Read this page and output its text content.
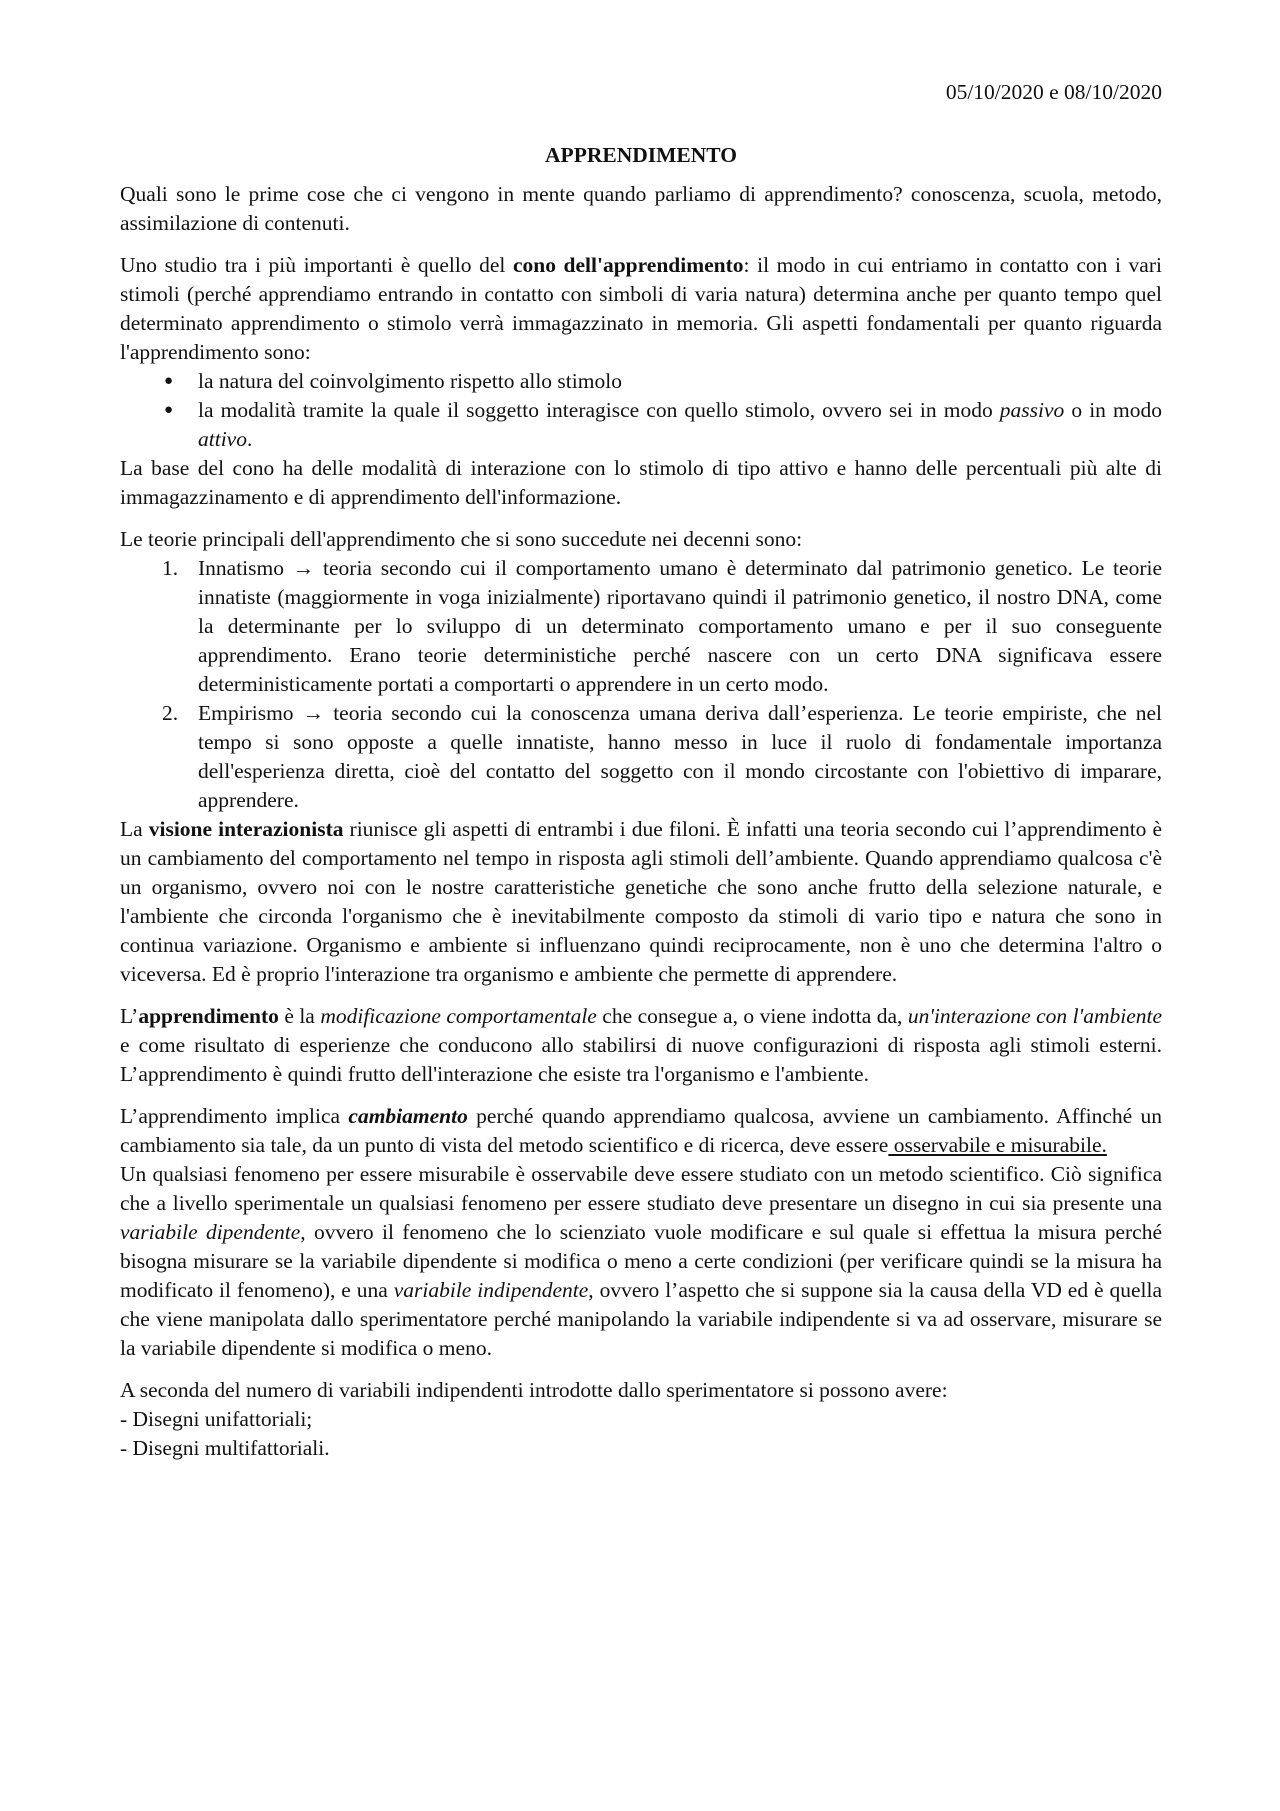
05/10/2020 e 08/10/2020
APPRENDIMENTO

Quali sono le prime cose che ci vengono in mente quando parliamo di apprendimento? conoscenza, scuola, metodo, assimilazione di contenuti.

Uno studio tra i più importanti è quello del cono dell'apprendimento: il modo in cui entriamo in contatto con i vari stimoli (perché apprendiamo entrando in contatto con simboli di varia natura) determina anche per quanto tempo quel determinato apprendimento o stimolo verrà immagazzinato in memoria. Gli aspetti fondamentali per quanto riguarda l'apprendimento sono:

● la natura del coinvolgimento rispetto allo stimolo
● la modalità tramite la quale il soggetto interagisce con quello stimolo, ovvero sei in modo passivo o in modo attivo.

La base del cono ha delle modalità di interazione con lo stimolo di tipo attivo e hanno delle percentuali più alte di immagazzinamento e di apprendimento dell'informazione.

Le teorie principali dell'apprendimento che si sono succedute nei decenni sono:

1. Innatismo → teoria secondo cui il comportamento umano è determinato dal patrimonio genetico. Le teorie innatiste (maggiormente in voga inizialmente) riportavano quindi il patrimonio genetico, il nostro DNA, come la determinante per lo sviluppo di un determinato comportamento umano e per il suo conseguente apprendimento. Erano teorie deterministiche perché nascere con un certo DNA significava essere deterministicamente portati a comportarti o apprendere in un certo modo.
2. Empirismo → teoria secondo cui la conoscenza umana deriva dall’esperienza. Le teorie empiriste, che nel tempo si sono opposte a quelle innatiste, hanno messo in luce il ruolo di fondamentale importanza dell'esperienza diretta, cioè del contatto del soggetto con il mondo circostante con l'obiettivo di imparare, apprendere.

La visione interazionista riunisce gli aspetti di entrambi i due filoni. È infatti una teoria secondo cui l’apprendimento è un cambiamento del comportamento nel tempo in risposta agli stimoli dell’ambiente. Quando apprendiamo qualcosa c'è un organismo, ovvero noi con le nostre caratteristiche genetiche che sono anche frutto della selezione naturale, e l'ambiente che circonda l'organismo che è inevitabilmente composto da stimoli di vario tipo e natura che sono in continua variazione. Organismo e ambiente si influenzano quindi reciprocamente, non è uno che determina l'altro o viceversa. Ed è proprio l'interazione tra organismo e ambiente che permette di apprendere.

L’apprendimento è la modificazione comportamentale che consegue a, o viene indotta da, un'interazione con l'ambiente e come risultato di esperienze che conducono allo stabilirsi di nuove configurazioni di risposta agli stimoli esterni. L’apprendimento è quindi frutto dell'interazione che esiste tra l'organismo e l'ambiente.

L’apprendimento implica cambiamento perché quando apprendiamo qualcosa, avviene un cambiamento. Affinché un cambiamento sia tale, da un punto di vista del metodo scientifico e di ricerca, deve essere osservabile e misurabile.

Un qualsiasi fenomeno per essere misurabile è osservabile deve essere studiato con un metodo scientifico. Ciò significa che a livello sperimentale un qualsiasi fenomeno per essere studiato deve presentare un disegno in cui sia presente una variabile dipendente, ovvero il fenomeno che lo scienziato vuole modificare e sul quale si effettua la misura perché bisogna misurare se la variabile dipendente si modifica o meno a certe condizioni (per verificare quindi se la misura ha modificato il fenomeno), e una variabile indipendente, ovvero l’aspetto che si suppone sia la causa della VD ed è quella che viene manipolata dallo sperimentatore perché manipolando la variabile indipendente si va ad osservare, misurare se la variabile dipendente si modifica o meno.

A seconda del numero di variabili indipendenti introdotte dallo sperimentatore si possono avere:

- Disegni unifattoriali;
- Disegni multifattoriali.
